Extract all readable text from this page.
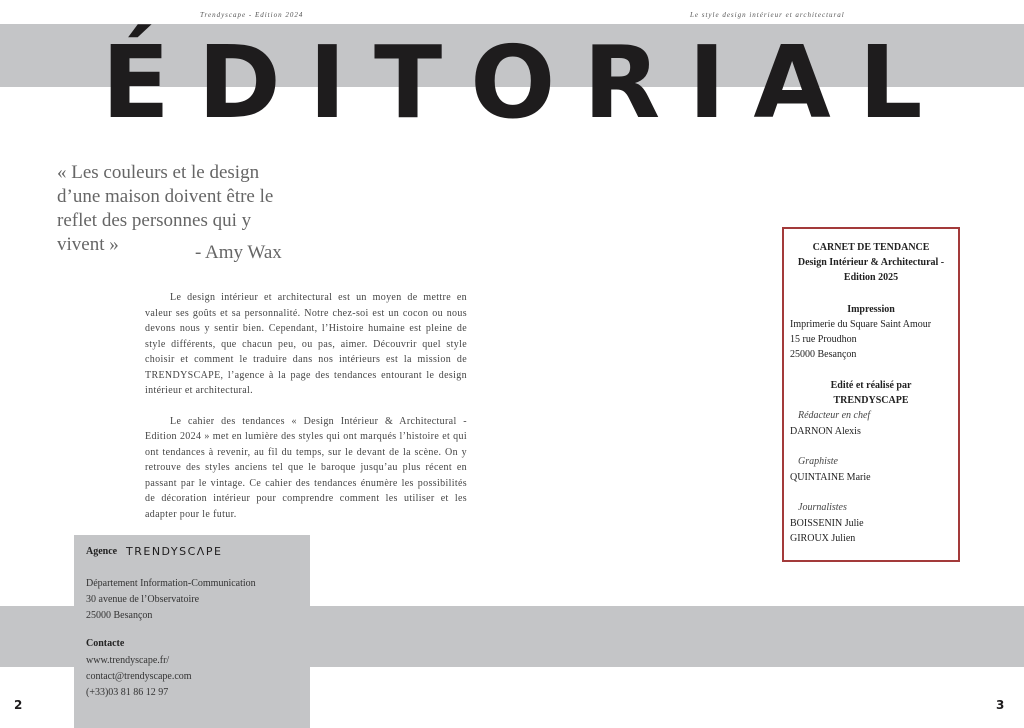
Trendyscape - Edition 2024	Le style design intérieur et architectural
ÉDITORIAL
« Les couleurs et le design d’une maison doivent être le reflet des personnes qui y vivent »	- Amy Wax

Le design intérieur et architectural est un moyen de mettre en valeur ses goûts et sa personnalité. Notre chez-soi est un cocon ou nous devons nous y sentir bien. Cependant, l’Histoire humaine est pleine de style différents, que chacun peu, ou pas, aimer. Découvrir quel style choisir et comment le traduire dans nos intérieurs est la mission de TRENDYSCAPE, l’agence à la page des tendances entourant le design intérieur et architectural.

Le cahier des tendances « Design Intérieur & Architectural - Edition 2024 » met en lumière des styles qui ont marqués l’histoire et qui ont tendances à revenir, au fil du temps, sur le devant de la scène. On y retrouve des styles anciens tel que le baroque jusqu’au plus récent en passant par le vintage. Ce cahier des tendances énumère les possibilités de décoration intérieur pour comprendre comment les utiliser et les adapter pour le futur.

Agence TRENDYSCΛPE
Département Information-Communication
30 avenue de l’Observatoire
25000 Besançon
Contacte
www.trendyscape.fr/
contact@trendyscape.com
(+33)03 81 86 12 97
2	3
CARNET DE TENDANCE
Design Intérieur & Architectural -
Edition 2025
Impression
Imprimerie du Square Saint Amour
15 rue Proudhon
25000 Besançon
Edité et réalisé par
TRENDYSCAPE
Rédacteur en chef
DARNON Alexis
Graphiste
QUINTAINE Marie
Journalistes
BOISSENIN Julie
GIROUX Julien
